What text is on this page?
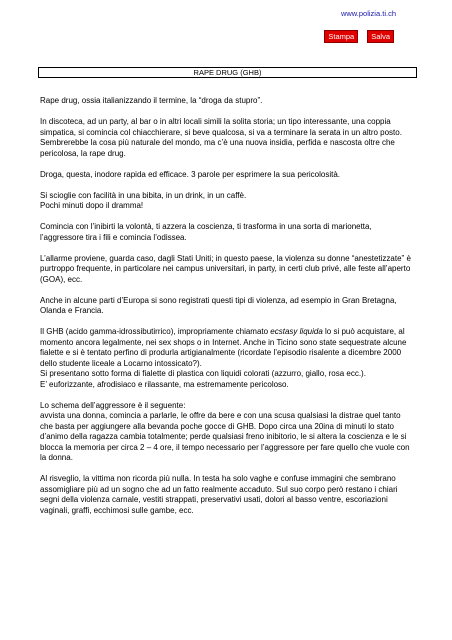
www.polizia.ti.ch
Stampa	Salva
RAPE DRUG (GHB)

Rape drug, ossia italianizzando il termine, la “droga da stupro”.

In discoteca, ad un party, al bar o in altri locali simili la solita storia; un tipo interessante, una coppia simpatica, si comincia col chiacchierare, si beve qualcosa, si va a terminare la serata in un altro posto. Sembrerebbe la cosa più naturale del mondo, ma c’è una nuova insidia, perfida e nascosta oltre che pericolosa, la rape drug.

Droga, questa, inodore rapida ed efficace. 3 parole per esprimere la sua pericolosità.

Si scioglie con facilità in una bibita, in un drink, in un caffè.
Pochi minuti dopo il dramma!

Comincia con l’inibirti la volontà, ti azzera la coscienza, ti trasforma in una sorta di marionetta, l’aggressore tira i fili e comincia l’odissea.

L’allarme proviene, guarda caso, dagli Stati Uniti; in questo paese, la violenza su donne “anestetizzate” è purtroppo frequente, in particolare nei campus universitari, in party, in certi club privé, alle feste all’aperto (GOA), ecc.

Anche in alcune parti d’Europa si sono registrati questi tipi di violenza, ad esempio in Gran Bretagna, Olanda e Francia.

Il GHB (acido gamma-idrossibutirrico), impropriamente chiamato ecstasy liquida lo si può acquistare, al momento ancora legalmente, nei sex shops o in Internet. Anche in Ticino sono state sequestrate alcune fialette e si è tentato perfino di produrla artigianalmente (ricordate l’episodio risalente a dicembre 2000 dello studente liceale a Locarno intossicato?).
Si presentano sotto forma di fialette di plastica con liquidi colorati (azzurro, giallo, rosa ecc.).
E’ euforizzante, afrodisiaco e rilassante, ma estremamente pericoloso.

Lo schema dell’aggressore è il seguente:
avvista una donna, comincia a parlarle, le offre da bere e con una scusa qualsiasi la distrae quel tanto che basta per aggiungere alla bevanda poche gocce di GHB. Dopo circa una 20ina di minuti lo stato d’animo della ragazza cambia totalmente; perde qualsiasi freno inibitorio, le si altera la coscienza e le si blocca la memoria per circa 2 – 4 ore, il tempo necessario per l’aggressore per fare quello che vuole con la donna.

Al risveglio, la vittima non ricorda più nulla. In testa ha solo vaghe e confuse immagini che sembrano assomigliare più ad un sogno che ad un fatto realmente accaduto. Sul suo corpo però restano i chiari segni della violenza carnale, vestiti strappati, preservativi usati, dolori al basso ventre, escoriazioni vaginali, graffi, ecchimosi sulle gambe, ecc.
